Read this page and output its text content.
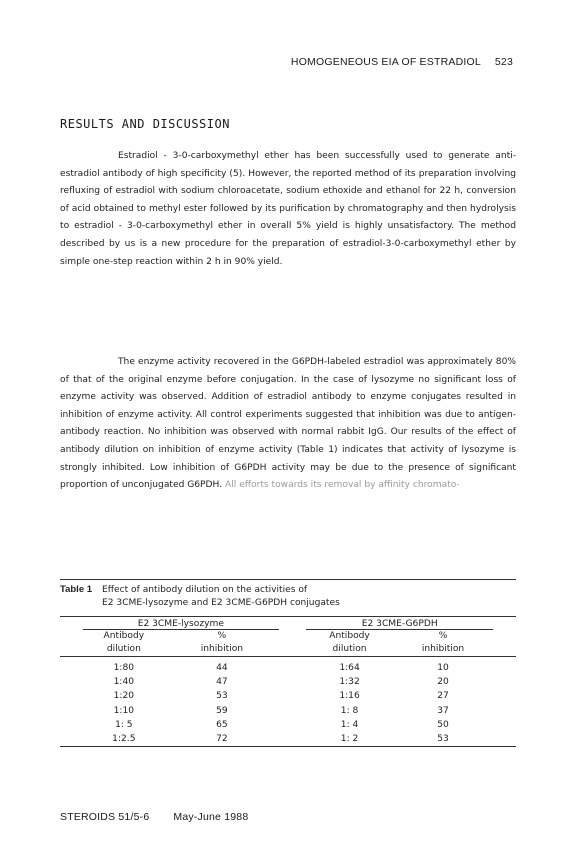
HOMOGENEOUS EIA OF ESTRADIOL 523
RESULTS AND DISCUSSION

Estradiol - 3-0-carboxymethyl ether has been successfully used to generate anti-estradiol antibody of high specificity (5). However, the reported method of its preparation involving refluxing of estradiol with sodium chloroacetate, sodium ethoxide and ethanol for 22 h, conversion of acid obtained to methyl ester followed by its purification by chromatography and then hydrolysis to estradiol - 3-0-carboxymethyl ether in overall 5% yield is highly unsatisfactory. The method described by us is a new procedure for the preparation of estradiol-3-0-carboxymethyl ether by simple one-step reaction within 2 h in 90% yield.

The enzyme activity recovered in the G6PDH-labeled estradiol was approximately 80% of that of the original enzyme before conjugation. In the case of lysozyme no significant loss of enzyme activity was observed. Addition of estradiol antibody to enzyme conjugates resulted in inhibition of enzyme activity. All control experiments suggested that inhibition was due to antigen-antibody reaction. No inhibition was observed with normal rabbit IgG. Our results of the effect of antibody dilution on inhibition of enzyme activity (Table 1) indicates that activity of lysozyme is strongly inhibited. Low inhibition of G6PDH activity may be due to the presence of significant proportion of unconjugated G6PDH. All efforts towards its removal by affinity chromato-

Table 1	Effect of antibody dilution on the activities of
E2 3CME-lysozyme and E2 3CME-G6PDH conjugates
	E2 3CME-lysozyme			E2 3CME-G6PDH		
	Antibody	%		Antibody	%	
	dilution	inhibition		dilution	inhibition	
	1:80	44		1:64	10	
	1:40	47		1:32	20	
	1:20	53		1:16	27	
	1:10	59		1: 8	37	
	1: 5	65		1: 4	50	
	1:2.5	72		1: 2	53	
STEROIDS 51/5-6 May-June 1988
